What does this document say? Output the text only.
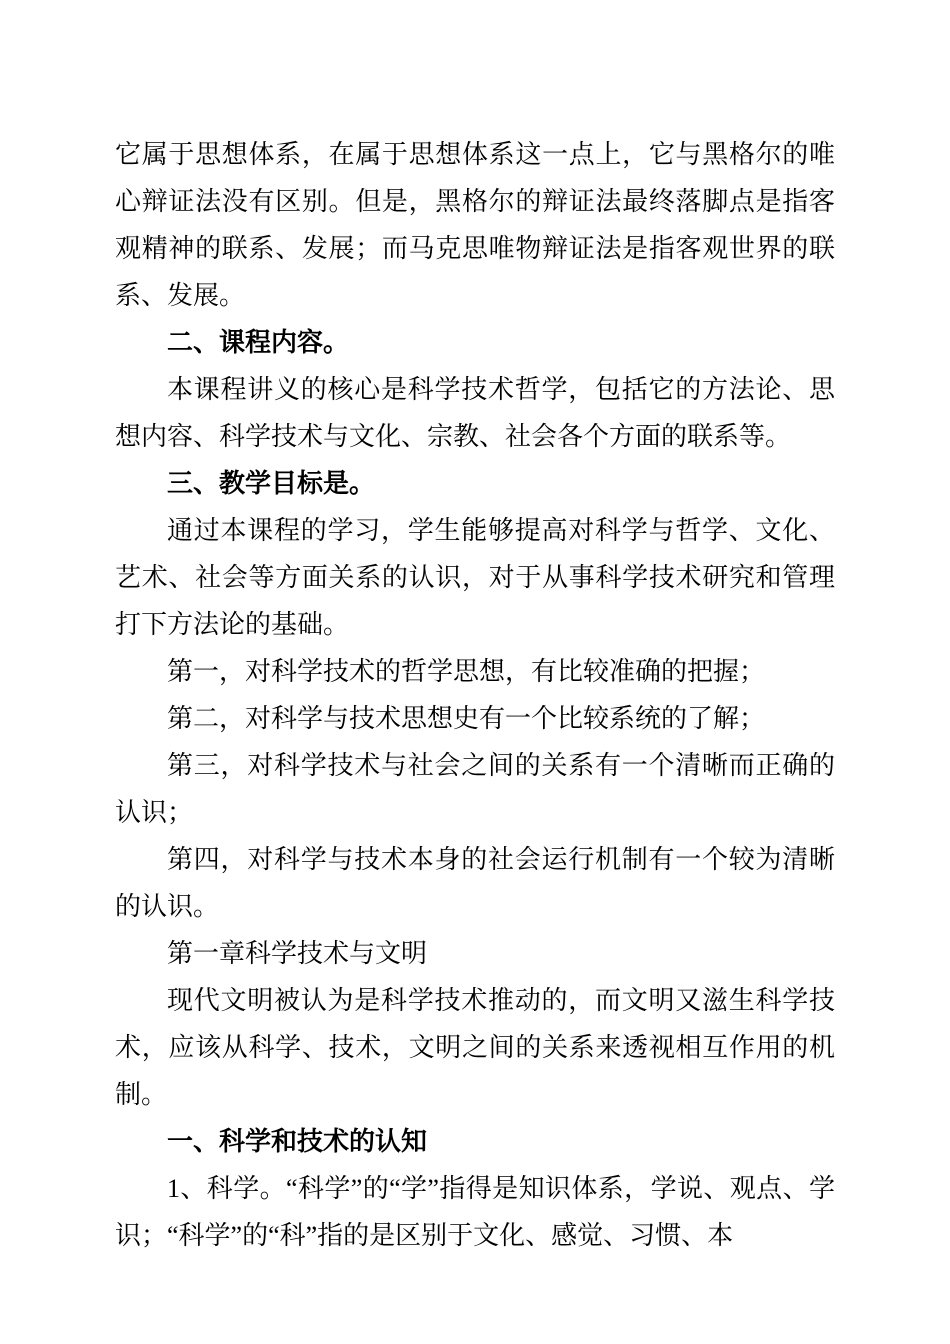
它属于思想体系，在属于思想体系这一点上，它与黑格尔的唯心辩证法没有区别。但是，黑格尔的辩证法最终落脚点是指客观精神的联系、发展；而马克思唯物辩证法是指客观世界的联系、发展。

二、课程内容。

本课程讲义的核心是科学技术哲学，包括它的方法论、思想内容、科学技术与文化、宗教、社会各个方面的联系等。

三、教学目标是。

通过本课程的学习，学生能够提高对科学与哲学、文化、艺术、社会等方面关系的认识，对于从事科学技术研究和管理打下方法论的基础。

第一，对科学技术的哲学思想，有比较准确的把握；

第二，对科学与技术思想史有一个比较系统的了解；

第三，对科学技术与社会之间的关系有一个清晰而正确的认识；

第四，对科学与技术本身的社会运行机制有一个较为清晰的认识。

第一章科学技术与文明

现代文明被认为是科学技术推动的，而文明又滋生科学技术，应该从科学、技术，文明之间的关系来透视相互作用的机制。

一、科学和技术的认知

1、科学。“科学”的“学”指得是知识体系，学说、观点、学识；“科学”的“科”指的是区别于文化、感觉、习惯、本
